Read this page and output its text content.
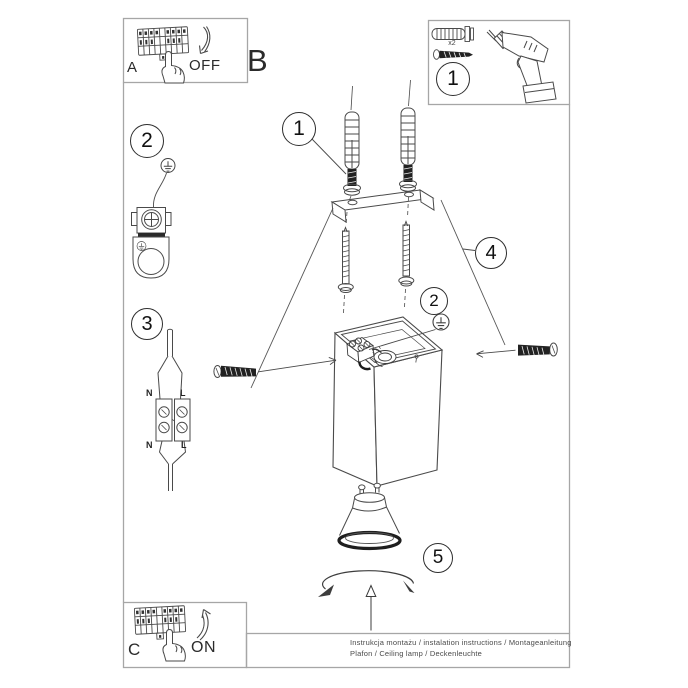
A	OFF B
C	ON
x2
1
1
2
3
2
4
5
N	L
N	L
Instrukcja montażu / instalation instructions / Montageanleitung
Plafon / Ceiling lamp / Deckenleuchte
